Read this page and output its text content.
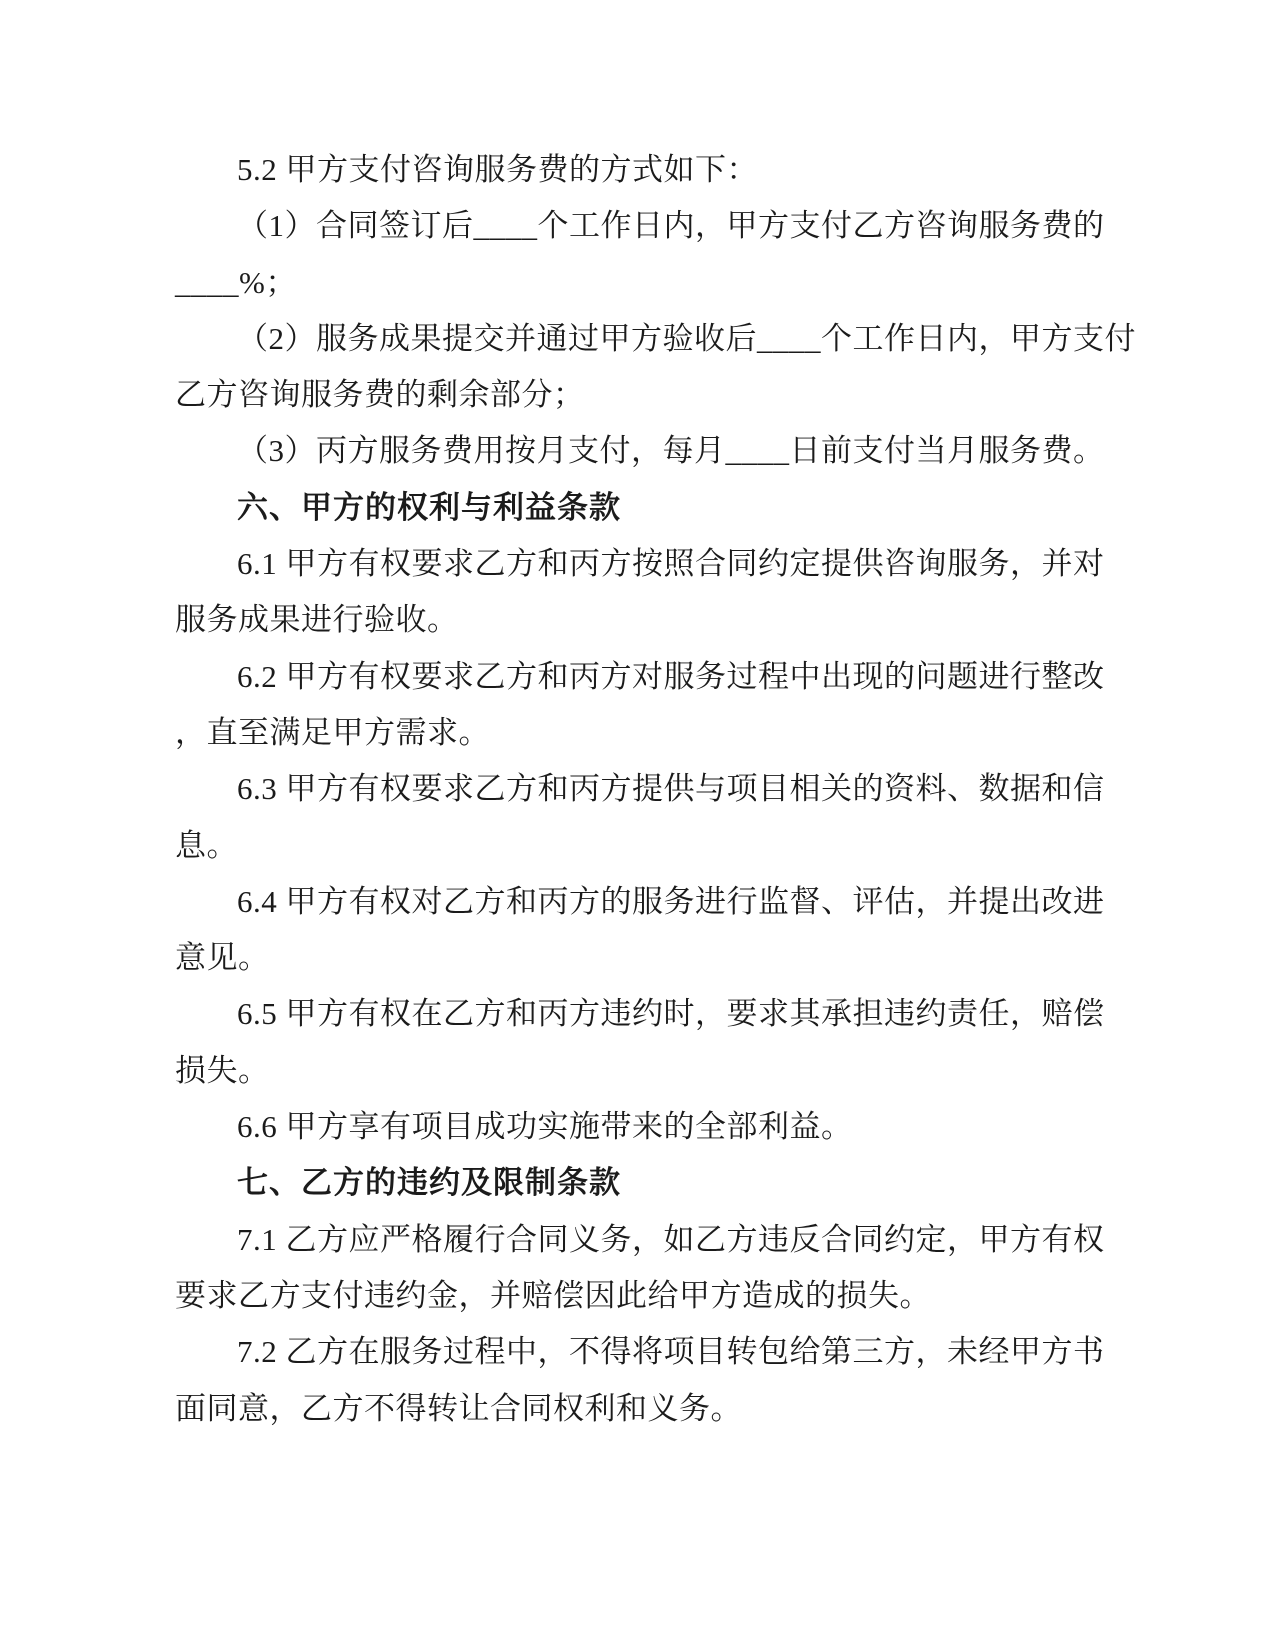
5.2 甲方支付咨询服务费的方式如下：
（1）合同签订后____个工作日内，甲方支付乙方咨询服务费的
____%；
（2）服务成果提交并通过甲方验收后____个工作日内，甲方支付
乙方咨询服务费的剩余部分；
（3）丙方服务费用按月支付，每月____日前支付当月服务费。
六、甲方的权利与利益条款
6.1 甲方有权要求乙方和丙方按照合同约定提供咨询服务，并对
服务成果进行验收。
6.2 甲方有权要求乙方和丙方对服务过程中出现的问题进行整改
，直至满足甲方需求。
6.3 甲方有权要求乙方和丙方提供与项目相关的资料、数据和信
息。
6.4 甲方有权对乙方和丙方的服务进行监督、评估，并提出改进
意见。
6.5 甲方有权在乙方和丙方违约时，要求其承担违约责任，赔偿
损失。
6.6 甲方享有项目成功实施带来的全部利益。
七、乙方的违约及限制条款
7.1 乙方应严格履行合同义务，如乙方违反合同约定，甲方有权
要求乙方支付违约金，并赔偿因此给甲方造成的损失。
7.2 乙方在服务过程中，不得将项目转包给第三方，未经甲方书
面同意，乙方不得转让合同权利和义务。
